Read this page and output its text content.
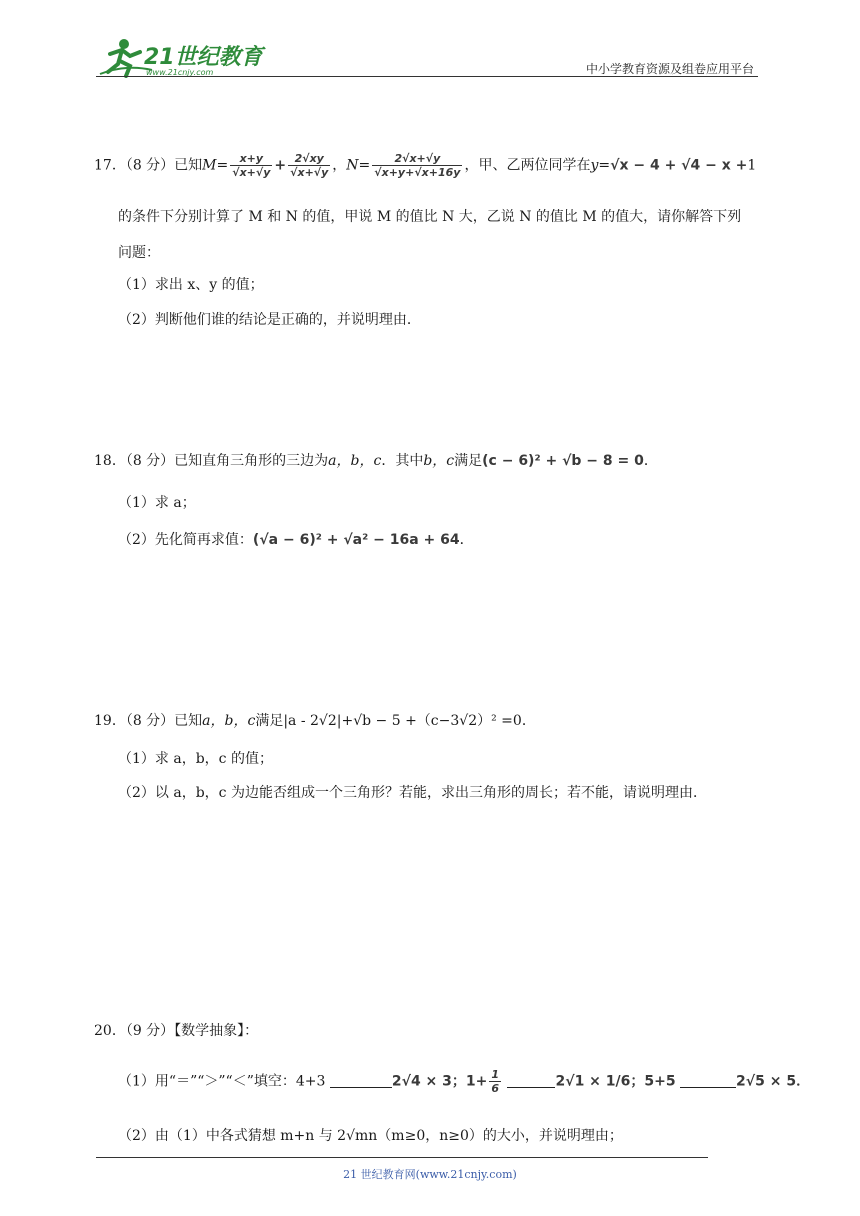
21世纪教育
www.21cnjy.com	中小学教育资源及组卷应用平台
17．（8 分）已知$M= \frac{x+y}{√x+√y} + \frac{2√xy}{√x+√y}$ ，$N= \frac{2√x+√y}{√x+y+√x+16y}$ ，甲、乙两位同学在y=√x − 4 + √4 − x +1
的条件下分别计算了 M 和 N 的值，甲说 M 的值比 N 大，乙说 N 的值比 M 的值大，请你解答下列
问题：
（1）求出 x、y 的值；
（2）判断他们谁的结论是正确的，并说明理由．
18．（8 分）已知直角三角形的三边为a，b，c．其中b，c满足(c − 6)² + √b − 8 = 0．
（1）求 a；
（2）先化简再求值：(√a − 6)² + √a² − 16a + 64．
19．（8 分）已知a，b，c满足|a - 2√2|+√b − 5 +（c−3√2）² =0．
（1）求 a，b，c 的值；
（2）以 a，b，c 为边能否组成一个三角形？若能，求出三角形的周长；若不能，请说明理由．
20．（9 分）【数学抽象】：
（1）用“＝”“＞”“＜”填空：4+3	2√4 × 3；$1+ \frac{1}{6}$	2√1 × 1/6；5+5	2√5 × 5．
（2）由（1）中各式猜想 m+n 与 2√mn（m≥0，n≥0）的大小，并说明理由；
21 世纪教育网(www.21cnjy.com)
